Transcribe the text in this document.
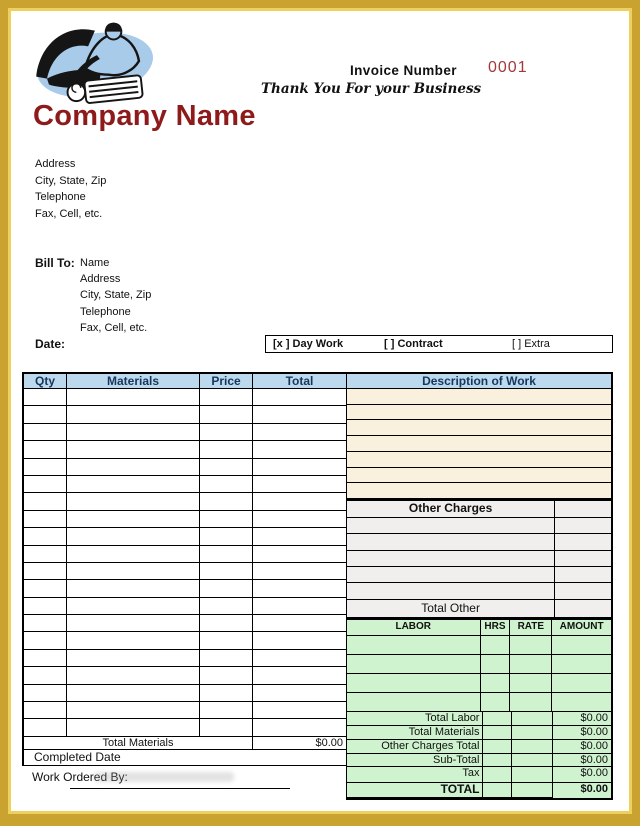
Invoice Number 0001
Thank You For your Business
Company Name
Address
City, State, Zip
Telephone
Fax, Cell, etc.
Bill To: Name
Address
City, State, Zip
Telephone
Fax, Cell, etc.
Date:	[x ] Day Work	[ ] Contract	[ ] Extra
Qty	Materials	Price	Total
Total Materials	$0.00
Completed Date
Work Ordered By:
Description of Work
Other Charges
Total Other
LABOR	HRS	RATE	AMOUNT
Total Labor	$0.00
Total Materials	$0.00
Other Charges Total	$0.00
Sub-Total	$0.00
Tax	$0.00
TOTAL	$0.00
